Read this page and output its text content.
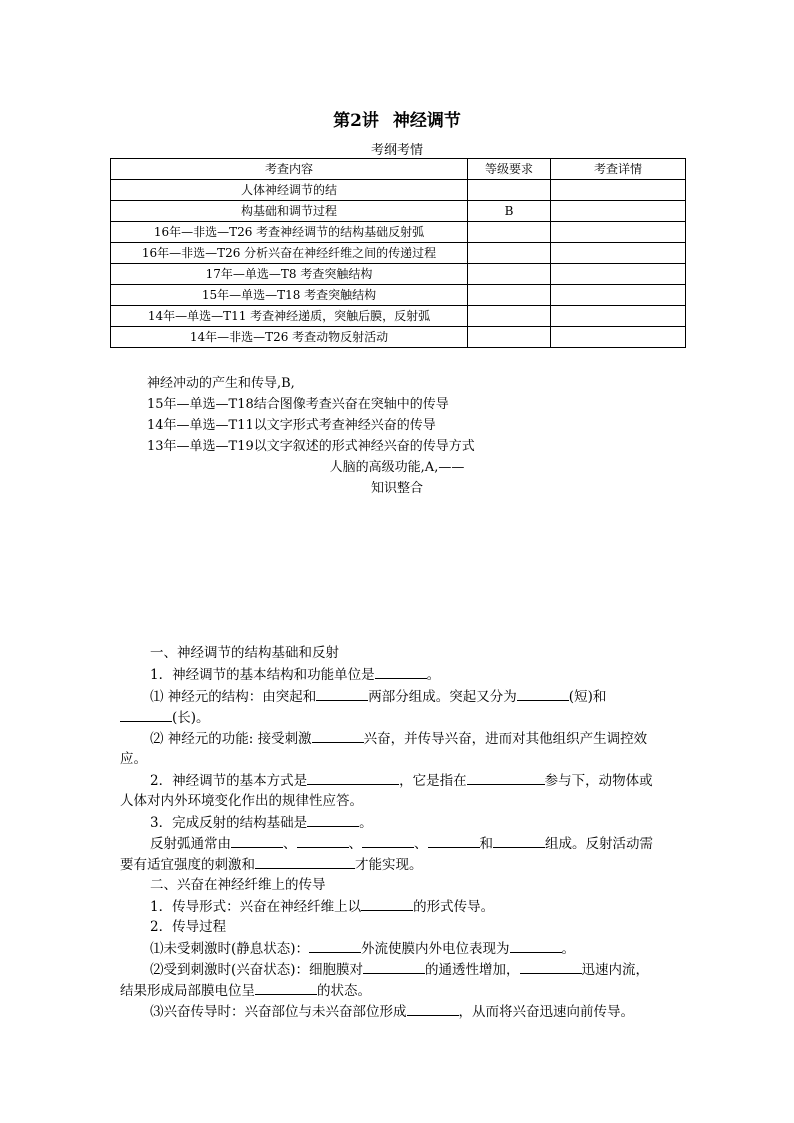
第2讲 神经调节
考纲考情
考查内容	等级要求	考查详情
人体神经调节的结		
构基础和调节过程	B	
16年—非选—T26 考查神经调节的结构基础反射弧		
16年—非选—T26 分析兴奋在神经纤维之间的传递过程		
17年—单选—T8 考查突触结构		
15年—单选—T18 考查突触结构		
14年—单选—T11 考查神经递质，突触后膜，反射弧		
14年—非选—T26 考查动物反射活动		
神经冲动的产生和传导,B,
15年—单选—T18结合图像考查兴奋在突轴中的传导
14年—单选—T11以文字形式考查神经兴奋的传导
13年—单选—T19以文字叙述的形式神经兴奋的传导方式
人脑的高级功能,A,——
知识整合
一、神经调节的结构基础和反射
1．神经调节的基本结构和功能单位是	。
⑴ 神经元的结构：由突起和	两部分组成。突起又分为	(短)和
(长)。
⑵ 神经元的功能: 接受刺激	兴奋，并传导兴奋，进而对其他组织产生调控效
应。
2．神经调节的基本方式是	，它是指在	参与下，动物体或
人体对内外环境变化作出的规律性应答。
3．完成反射的结构基础是	。
反射弧通常由	、	、	、	和	组成。反射活动需
要有适宜强度的刺激和	才能实现。
二、兴奋在神经纤维上的传导
1．传导形式：兴奋在神经纤维上以	的形式传导。
2．传导过程
⑴未受刺激时(静息状态)：	外流使膜内外电位表现为	。
⑵受到刺激时(兴奋状态)：细胞膜对	的通透性增加，	迅速内流，
结果形成局部膜电位呈	的状态。
⑶兴奋传导时：兴奋部位与未兴奋部位形成	，从而将兴奋迅速向前传导。
